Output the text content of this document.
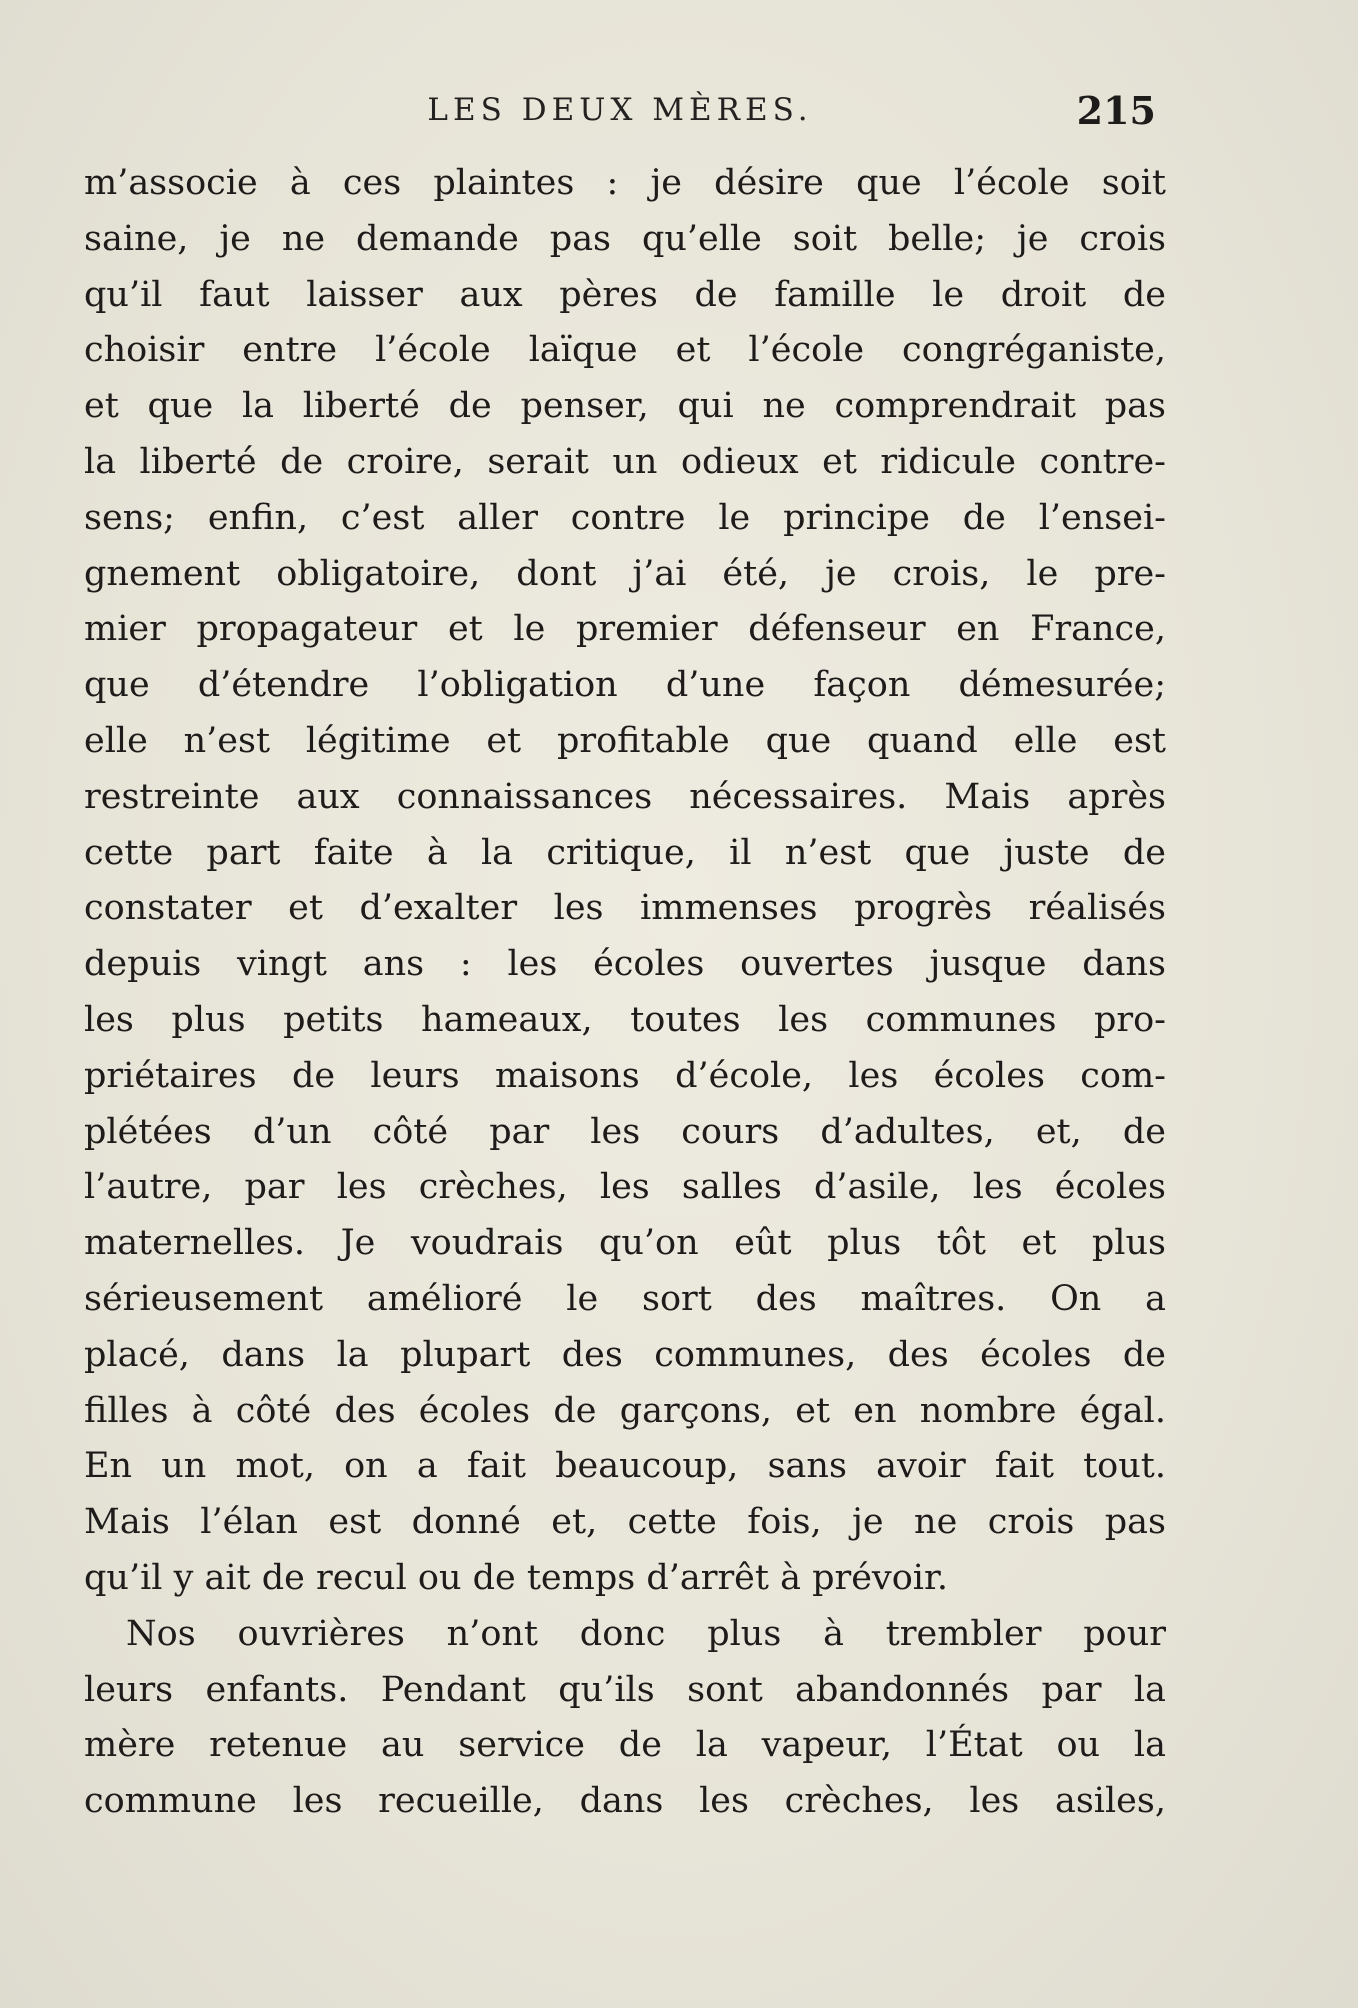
LES DEUX MÈRES.	215
m’associe à ces plaintes : je désire que l’école soit
saine, je ne demande pas qu’elle soit belle; je crois
qu’il faut laisser aux pères de famille le droit de
choisir entre l’école laïque et l’école congréganiste,
et que la liberté de penser, qui ne comprendrait pas
la liberté de croire, serait un odieux et ridicule contre-
sens; enfin, c’est aller contre le principe de l’ensei-
gnement obligatoire, dont j’ai été, je crois, le pre-
mier propagateur et le premier défenseur en France,
que d’étendre l’obligation d’une façon démesurée;
elle n’est légitime et profitable que quand elle est
restreinte aux connaissances nécessaires. Mais après
cette part faite à la critique, il n’est que juste de
constater et d’exalter les immenses progrès réalisés
depuis vingt ans : les écoles ouvertes jusque dans
les plus petits hameaux, toutes les communes pro-
priétaires de leurs maisons d’école, les écoles com-
plétées d’un côté par les cours d’adultes, et, de
l’autre, par les crèches, les salles d’asile, les écoles
maternelles. Je voudrais qu’on eût plus tôt et plus
sérieusement amélioré le sort des maîtres. On a
placé, dans la plupart des communes, des écoles de
filles à côté des écoles de garçons, et en nombre égal.
En un mot, on a fait beaucoup, sans avoir fait tout.
Mais l’élan est donné et, cette fois, je ne crois pas
qu’il y ait de recul ou de temps d’arrêt à prévoir.
Nos ouvrières n’ont donc plus à trembler pour
leurs enfants. Pendant qu’ils sont abandonnés par la
mère retenue au service de la vapeur, l’État ou la
commune les recueille, dans les crèches, les asiles,
